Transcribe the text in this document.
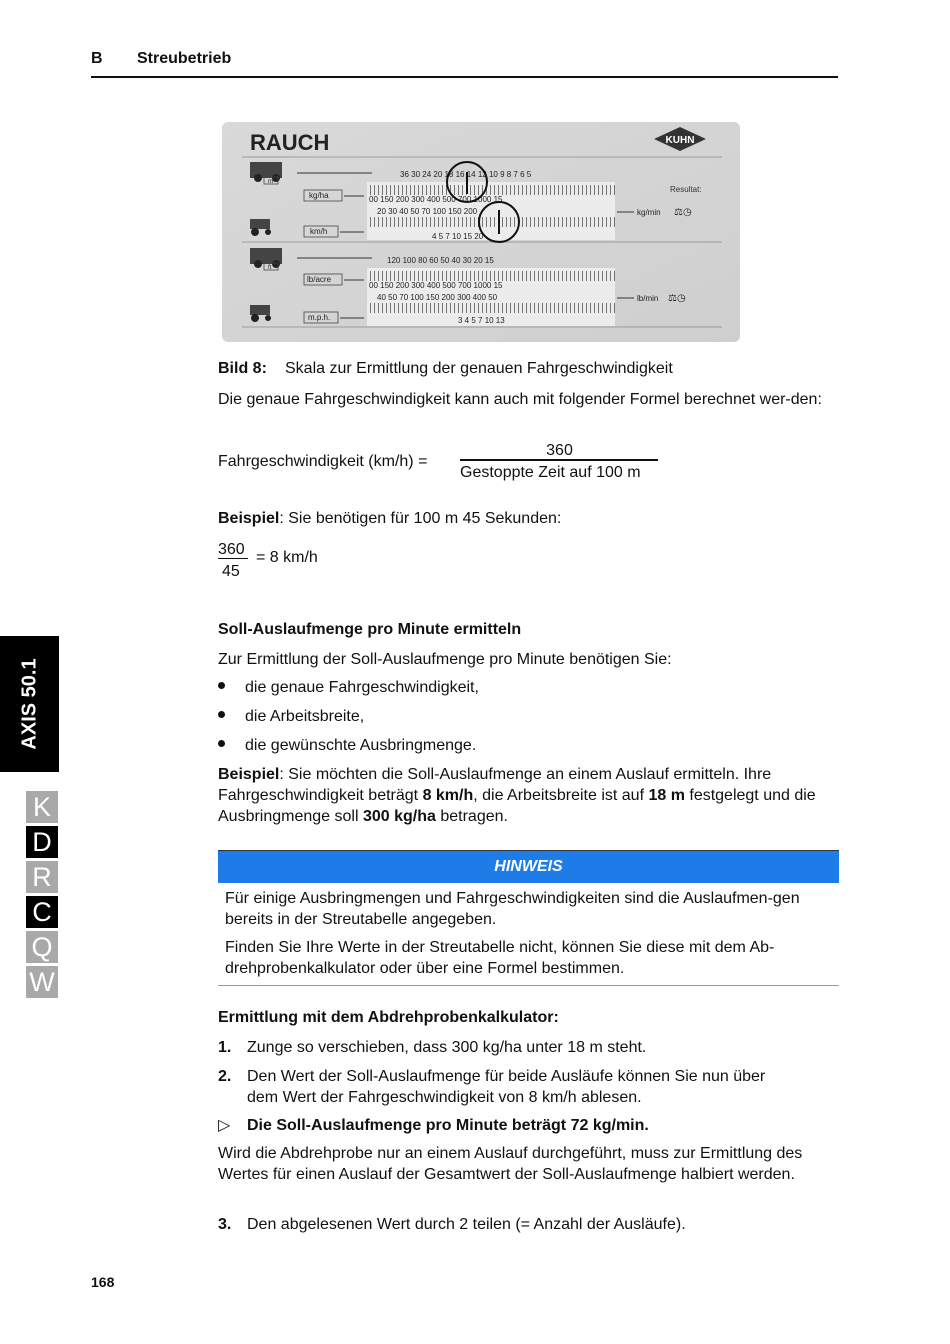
B Streubetrieb
RAUCH	KUHN
m
36 30 24 20 18 16 14 12 10 9 8 7 6 5
kg/ha	00 150 200 300 400 500 700 1000 15
20 30 40 50 70 100 150 200
4 5 7 10 15 20
Resultat:
kg/min ⚖◷
km/h
ft
120 100 80 60 50 40 30 20 15
lb/acre
00 150 200 300 400 500 700 1000 15
40 50 70 100 150 200 300 400 50
3 4 5 7 10 13
lb/min ⚖◷
m.p.h.
Bild 8: Skala zur Ermittlung der genauen Fahrgeschwindigkeit
Die genaue Fahrgeschwindigkeit kann auch mit folgender Formel berechnet wer-den:
Fahrgeschwindigkeit (km/h) =
360
Gestoppte Zeit auf 100 m
Beispiel: Sie benötigen für 100 m 45 Sekunden:
360
45
= 8 km/h
Soll-Auslaufmenge pro Minute ermitteln
Zur Ermittlung der Soll-Auslaufmenge pro Minute benötigen Sie:
die genaue Fahrgeschwindigkeit,
die Arbeitsbreite,
die gewünschte Ausbringmenge.
Beispiel: Sie möchten die Soll-Auslaufmenge an einem Auslauf ermitteln. Ihre Fahrgeschwindigkeit beträgt 8 km/h, die Arbeitsbreite ist auf 18 m festgelegt und die Ausbringmenge soll 300 kg/ha betragen.
HINWEIS
Für einige Ausbringmengen und Fahrgeschwindigkeiten sind die Auslaufmen-gen bereits in der Streutabelle angegeben.
Finden Sie Ihre Werte in der Streutabelle nicht, können Sie diese mit dem Ab-drehprobenkalkulator oder über eine Formel bestimmen.
Ermittlung mit dem Abdrehprobenkalkulator:
1. Zunge so verschieben, dass 300 kg/ha unter 18 m steht.
2. Den Wert der Soll-Auslaufmenge für beide Ausläufe können Sie nun über
dem Wert der Fahrgeschwindigkeit von 8 km/h ablesen.
▷ Die Soll-Auslaufmenge pro Minute beträgt 72 kg/min.
Wird die Abdrehprobe nur an einem Auslauf durchgeführt, muss zur Ermittlung des Wertes für einen Auslauf der Gesamtwert der Soll-Auslaufmenge halbiert werden.
3. Den abgelesenen Wert durch 2 teilen (= Anzahl der Ausläufe).
168
AXIS 50.1
K
D
R
C
Q
W
